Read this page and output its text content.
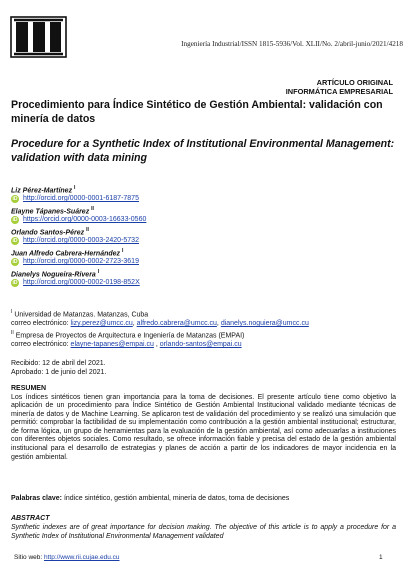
Ingeniería Industrial/ISSN 1815-5936/Vol. XLII/No. 2/abril-junio/2021/4218
ARTÍCULO ORIGINAL
INFORMÁTICA EMPRESARIAL
Procedimiento para Índice Sintético de Gestión Ambiental: validación con minería de datos
Procedure for a Synthetic Index of Institutional Environmental Management: validation with data mining
Liz Pérez-Martínez $^I$
iD http://orcid.org/0000-0001-6187-7875
Elayne Tápanes-Suárez $^{II}$
iD https://orcid.org/0000-0003-16633-0560
Orlando Santos-Pérez $^{II}$
iD http://orcid.org/0000-0003-2420-5732
Juan Alfredo Cabrera-Hernández $^I$
iD http://orcid.org/0000-0002-2723-3619
Dianelys Nogueira-Rivera $^I$
iD http://orcid.org/0000-0002-0198-852X
$^I$ Universidad de Matanzas. Matanzas, Cuba
correo electrónico: lizy.perez@umcc.cu, alfredo.cabrera@umcc.cu, dianelys.noguiera@umcc.cu
$^{II}$ Empresa de Proyectos de Arquitectura e Ingeniería de Matanzas (EMPAI)
correo electrónico: elayne-tapanes@empai.cu , orlando-santos@empai.cu
Recibido: 12 de abril del 2021.
Aprobado: 1 de junio del 2021.
RESUMEN
Los índices sintéticos tienen gran importancia para la toma de decisiones. El presente artículo tiene como objetivo la aplicación de un procedimiento para Índice Sintético de Gestión Ambiental Institucional validado mediante técnicas de minería de datos y de Machine Learning. Se aplicaron test de validación del procedimiento y se realizó una simulación que permitió: comprobar la factibilidad de su implementación como contribución a la gestión ambiental institucional; estructurar, de forma lógica, un grupo de herramientas para la evaluación de la gestión ambiental, así como adecuarlas a instituciones con diferentes objetos sociales. Como resultado, se ofrece información fiable y precisa del estado de la gestión ambiental institucional para el desarrollo de estrategias y planes de acción a partir de los indicadores de mayor incidencia en la gestión ambiental.
Palabras clave: índice sintético, gestión ambiental, minería de datos, toma de decisiones
ABSTRACT
Synthetic indexes are of great importance for decision making. The objective of this article is to apply a procedure for a Synthetic Index of Institutional Environmental Management validated
Sitio web: http://www.rii.cujae.edu.cu	1
